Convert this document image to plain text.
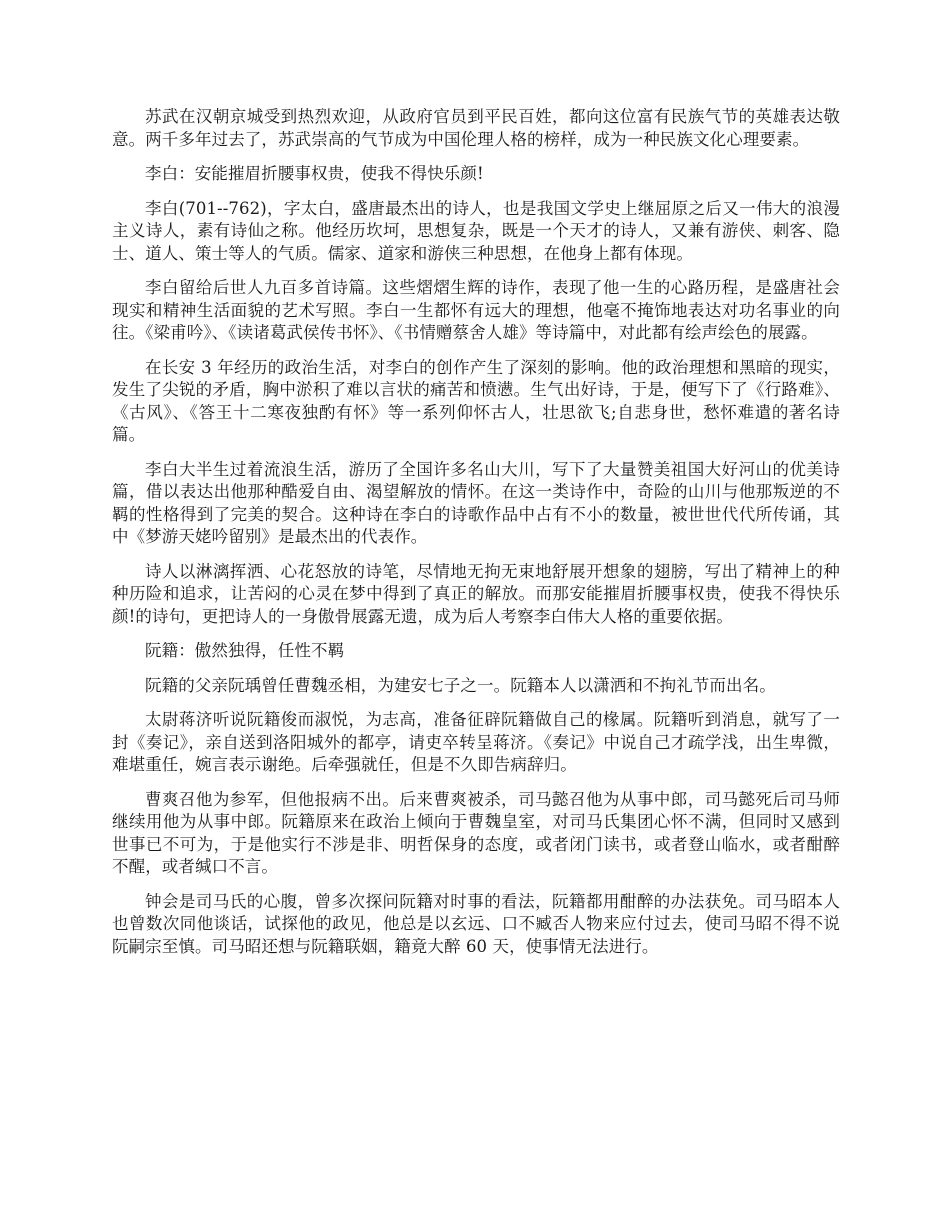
苏武在汉朝京城受到热烈欢迎，从政府官员到平民百姓，都向这位富有民族气节的英雄表达敬意。两千多年过去了，苏武崇高的气节成为中国伦理人格的榜样，成为一种民族文化心理要素。

李白：安能摧眉折腰事权贵，使我不得快乐颜!

李白(701--762)，字太白，盛唐最杰出的诗人，也是我国文学史上继屈原之后又一伟大的浪漫主义诗人，素有诗仙之称。他经历坎坷，思想复杂，既是一个天才的诗人，又兼有游侠、刺客、隐士、道人、策士等人的气质。儒家、道家和游侠三种思想，在他身上都有体现。

李白留给后世人九百多首诗篇。这些熠熠生辉的诗作，表现了他一生的心路历程，是盛唐社会现实和精神生活面貌的艺术写照。李白一生都怀有远大的理想，他毫不掩饰地表达对功名事业的向往。《梁甫吟》、《读诸葛武侯传书怀》、《书情赠蔡舍人雄》等诗篇中，对此都有绘声绘色的展露。

在长安 3 年经历的政治生活，对李白的创作产生了深刻的影响。他的政治理想和黑暗的现实，发生了尖锐的矛盾，胸中淤积了难以言状的痛苦和愤懑。生气出好诗，于是，便写下了《行路难》、《古风》、《答王十二寒夜独酌有怀》等一系列仰怀古人，壮思欲飞;自悲身世，愁怀难遣的著名诗篇。

李白大半生过着流浪生活，游历了全国许多名山大川，写下了大量赞美祖国大好河山的优美诗篇，借以表达出他那种酷爱自由、渴望解放的情怀。在这一类诗作中，奇险的山川与他那叛逆的不羁的性格得到了完美的契合。这种诗在李白的诗歌作品中占有不小的数量，被世世代代所传诵，其中《梦游天姥吟留别》是最杰出的代表作。

诗人以淋漓挥洒、心花怒放的诗笔，尽情地无拘无束地舒展开想象的翅膀，写出了精神上的种种历险和追求，让苦闷的心灵在梦中得到了真正的解放。而那安能摧眉折腰事权贵，使我不得快乐颜!的诗句，更把诗人的一身傲骨展露无遗，成为后人考察李白伟大人格的重要依据。

阮籍：傲然独得，任性不羁

阮籍的父亲阮瑀曾任曹魏丞相，为建安七子之一。阮籍本人以潇洒和不拘礼节而出名。

太尉蒋济听说阮籍俊而淑悦，为志高，准备征辟阮籍做自己的椽属。阮籍听到消息，就写了一封《奏记》，亲自送到洛阳城外的都亭，请吏卒转呈蒋济。《奏记》中说自己才疏学浅，出生卑微，难堪重任，婉言表示谢绝。后牵强就任，但是不久即告病辞归。

曹爽召他为参军，但他报病不出。后来曹爽被杀，司马懿召他为从事中郎，司马懿死后司马师继续用他为从事中郎。阮籍原来在政治上倾向于曹魏皇室，对司马氏集团心怀不满，但同时又感到世事已不可为，于是他实行不涉是非、明哲保身的态度，或者闭门读书，或者登山临水，或者酣醉不醒，或者缄口不言。

钟会是司马氏的心腹，曾多次探问阮籍对时事的看法，阮籍都用酣醉的办法获免。司马昭本人也曾数次同他谈话，试探他的政见，他总是以玄远、口不臧否人物来应付过去，使司马昭不得不说阮嗣宗至慎。司马昭还想与阮籍联姻，籍竟大醉 60 天，使事情无法进行。
